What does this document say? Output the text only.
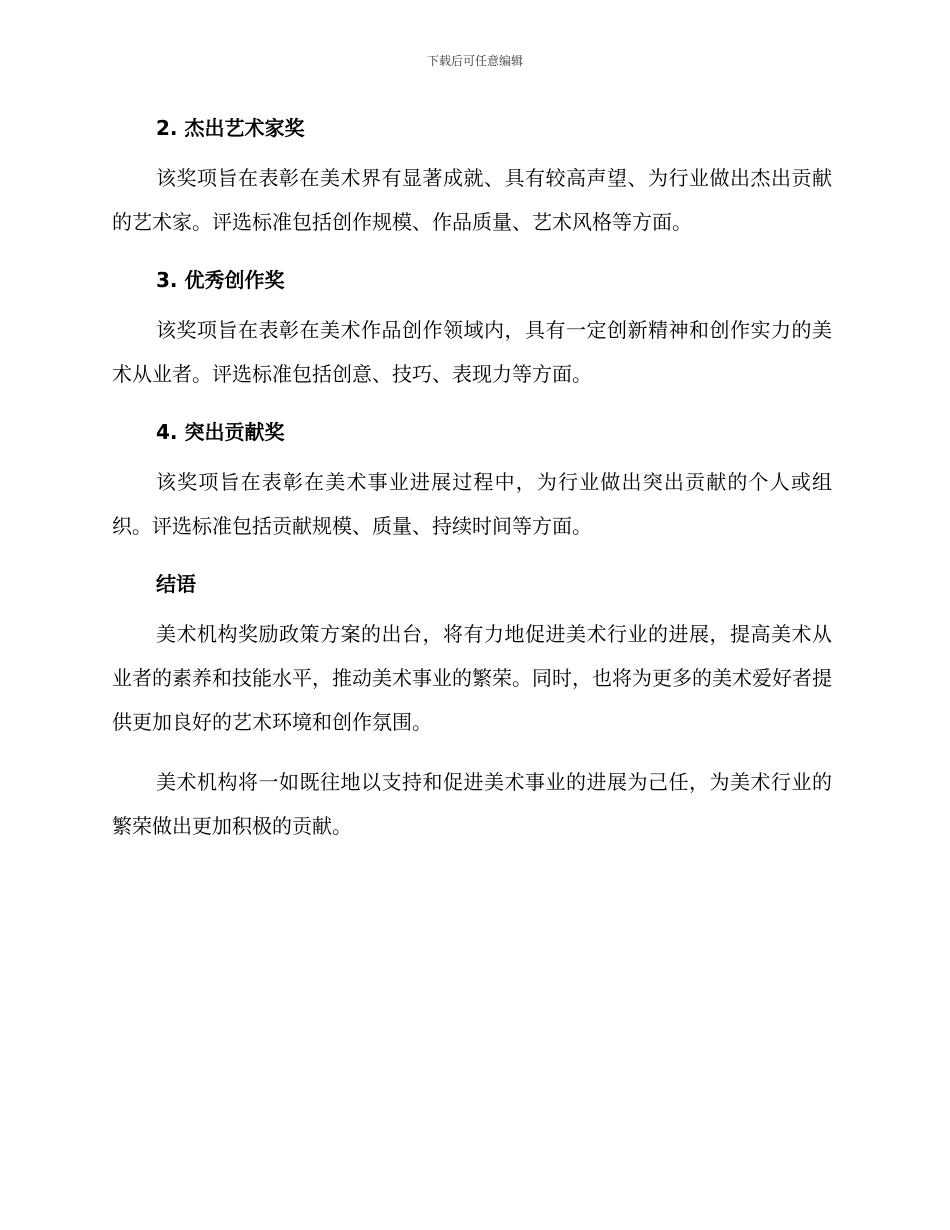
下载后可任意编辑
2. 杰出艺术家奖

该奖项旨在表彰在美术界有显著成就、具有较高声望、为行业做出杰出贡献的艺术家。评选标准包括创作规模、作品质量、艺术风格等方面。

3. 优秀创作奖

该奖项旨在表彰在美术作品创作领域内，具有一定创新精神和创作实力的美术从业者。评选标准包括创意、技巧、表现力等方面。

4. 突出贡献奖

该奖项旨在表彰在美术事业进展过程中，为行业做出突出贡献的个人或组织。评选标准包括贡献规模、质量、持续时间等方面。

结语

美术机构奖励政策方案的出台，将有力地促进美术行业的进展，提高美术从业者的素养和技能水平，推动美术事业的繁荣。同时，也将为更多的美术爱好者提供更加良好的艺术环境和创作氛围。

美术机构将一如既往地以支持和促进美术事业的进展为己任，为美术行业的繁荣做出更加积极的贡献。
